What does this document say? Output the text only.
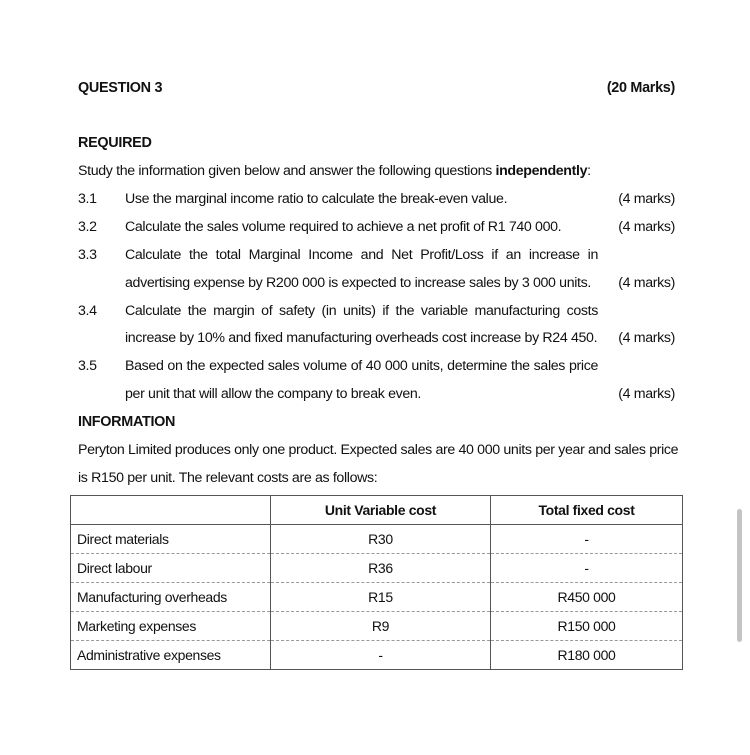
QUESTION 3	(20 Marks)
REQUIRED
Study the information given below and answer the following questions independently:
3.1 Use the marginal income ratio to calculate the break-even value.	(4 marks)
3.2 Calculate the sales volume required to achieve a net profit of R1 740 000.	(4 marks)
3.3 Calculate the total Marginal Income and Net Profit/Loss if an increase in
advertising expense by R200 000 is expected to increase sales by 3 000 units. (4 marks)
3.4 Calculate the margin of safety (in units) if the variable manufacturing costs
increase by 10% and fixed manufacturing overheads cost increase by R24 450. (4 marks)
3.5 Based on the expected sales volume of 40 000 units, determine the sales price
per unit that will allow the company to break even.	(4 marks)
INFORMATION
Peryton Limited produces only one product. Expected sales are 40 000 units per year and sales price
is R150 per unit. The relevant costs are as follows:
	Unit Variable cost	Total fixed cost
Direct materials	R30	-
Direct labour	R36	-
Manufacturing overheads	R15	R450 000
Marketing expenses	R9	R150 000
Administrative expenses	-	R180 000
